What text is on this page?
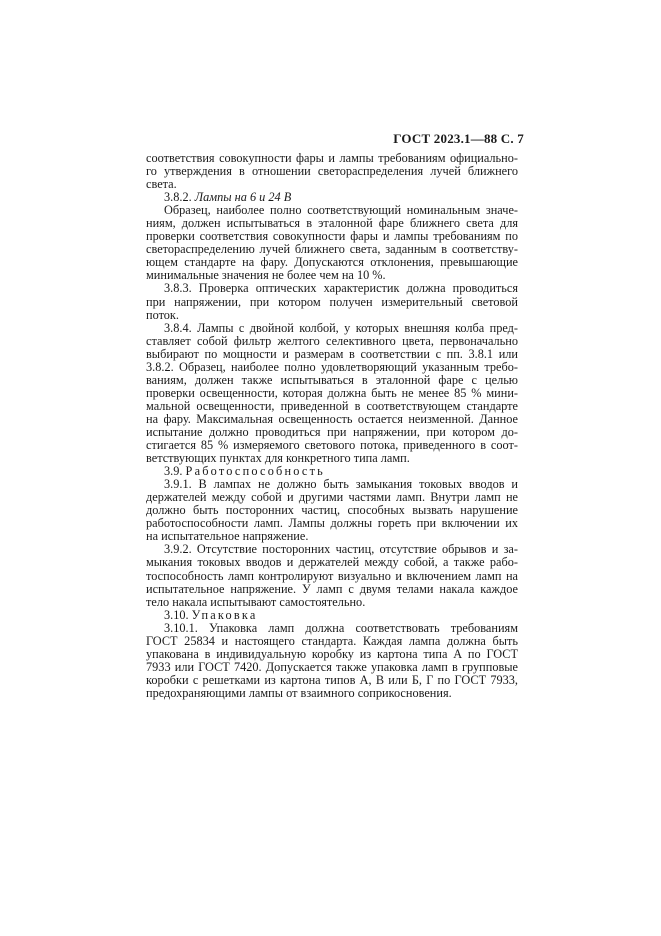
ГОСТ 2023.1—88 С. 7

соответствия совокупности фары и лампы требованиям официально-

го утверждения в отношении светораспределения лучей ближнего

света.

3.8.2. Лампы на 6 и 24 В

Образец, наиболее полно соответствующий номинальным значе-

ниям, должен испытываться в эталонной фаре ближнего света для

проверки соответствия совокупности фары и лампы требованиям по

светораспределению лучей ближнего света, заданным в соответству-

ющем стандарте на фару. Допускаются отклонения, превышающие

минимальные значения не более чем на 10 %.

3.8.3. Проверка оптических характеристик должна проводиться

при напряжении, при котором получен измерительный световой

поток.

3.8.4. Лампы с двойной колбой, у которых внешняя колба пред-

ставляет собой фильтр желтого селективного цвета, первоначально

выбирают по мощности и размерам в соответствии с пп. 3.8.1 или

3.8.2. Образец, наиболее полно удовлетворяющий указанным требо-

ваниям, должен также испытываться в эталонной фаре с целью

проверки освещенности, которая должна быть не менее 85 % мини-

мальной освещенности, приведенной в соответствующем стандарте

на фару. Максимальная освещенность остается неизменной. Данное

испытание должно проводиться при напряжении, при котором до-

стигается 85 % измеряемого светового потока, приведенного в соот-

ветствующих пунктах для конкретного типа ламп.

3.9. Работоспособность

3.9.1. В лампах не должно быть замыкания токовых вводов и

держателей между собой и другими частями ламп. Внутри ламп не

должно быть посторонних частиц, способных вызвать нарушение

работоспособности ламп. Лампы должны гореть при включении их

на испытательное напряжение.

3.9.2. Отсутствие посторонних частиц, отсутствие обрывов и за-

мыкания токовых вводов и держателей между собой, а также рабо-

тоспособность ламп контролируют визуально и включением ламп на

испытательное напряжение. У ламп с двумя телами накала каждое

тело накала испытывают самостоятельно.

3.10. Упаковка

3.10.1. Упаковка ламп должна соответствовать требованиям

ГОСТ 25834 и настоящего стандарта. Каждая лампа должна быть

упакована в индивидуальную коробку из картона типа А по ГОСТ

7933 или ГОСТ 7420. Допускается также упаковка ламп в групповые

коробки с решетками из картона типов А, В или Б, Г по ГОСТ 7933,

предохраняющими лампы от взаимного соприкосновения.
